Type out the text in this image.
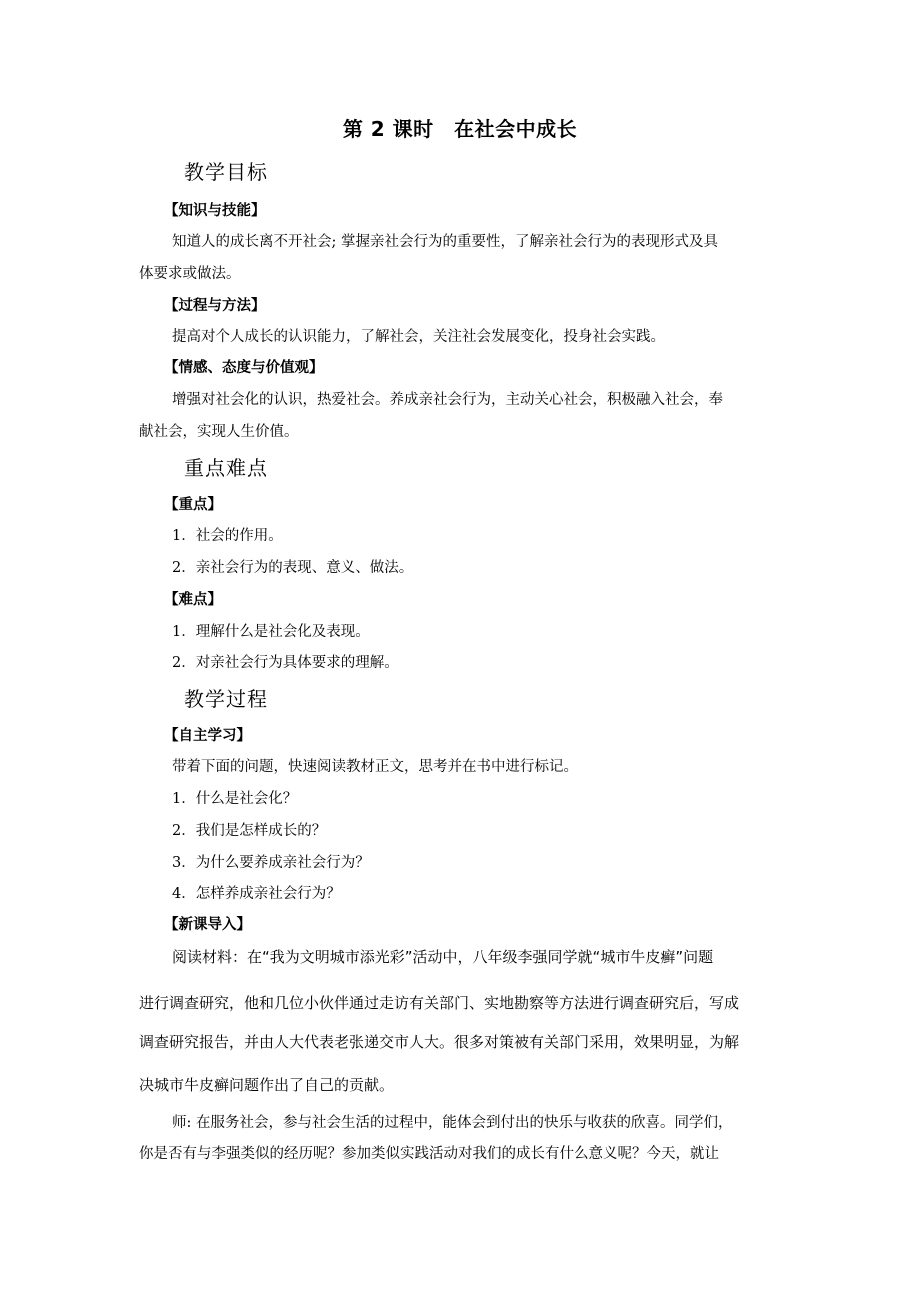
第 2 课时　在社会中成长
教学目标
【知识与技能】
知道人的成长离不开社会; 掌握亲社会行为的重要性，了解亲社会行为的表现形式及具
体要求或做法。
【过程与方法】
提高对个人成长的认识能力，了解社会，关注社会发展变化，投身社会实践。
【情感、态度与价值观】
增强对社会化的认识，热爱社会。养成亲社会行为，主动关心社会，积极融入社会，奉
献社会，实现人生价值。
重点难点
【重点】
1．社会的作用。
2．亲社会行为的表现、意义、做法。
【难点】
1．理解什么是社会化及表现。
2．对亲社会行为具体要求的理解。
教学过程
【自主学习】
带着下面的问题，快速阅读教材正文，思考并在书中进行标记。
1．什么是社会化？
2．我们是怎样成长的？
3．为什么要养成亲社会行为？
4．怎样养成亲社会行为？
【新课导入】
阅读材料：在“我为文明城市添光彩”活动中，八年级李强同学就“城市牛皮癣”问题
进行调查研究，他和几位小伙伴通过走访有关部门、实地勘察等方法进行调查研究后，写成
调查研究报告，并由人大代表老张递交市人大。很多对策被有关部门采用，效果明显，为解
决城市牛皮癣问题作出了自己的贡献。
师: 在服务社会，参与社会生活的过程中，能体会到付出的快乐与收获的欣喜。同学们，
你是否有与李强类似的经历呢？参加类似实践活动对我们的成长有什么意义呢？今天，就让
